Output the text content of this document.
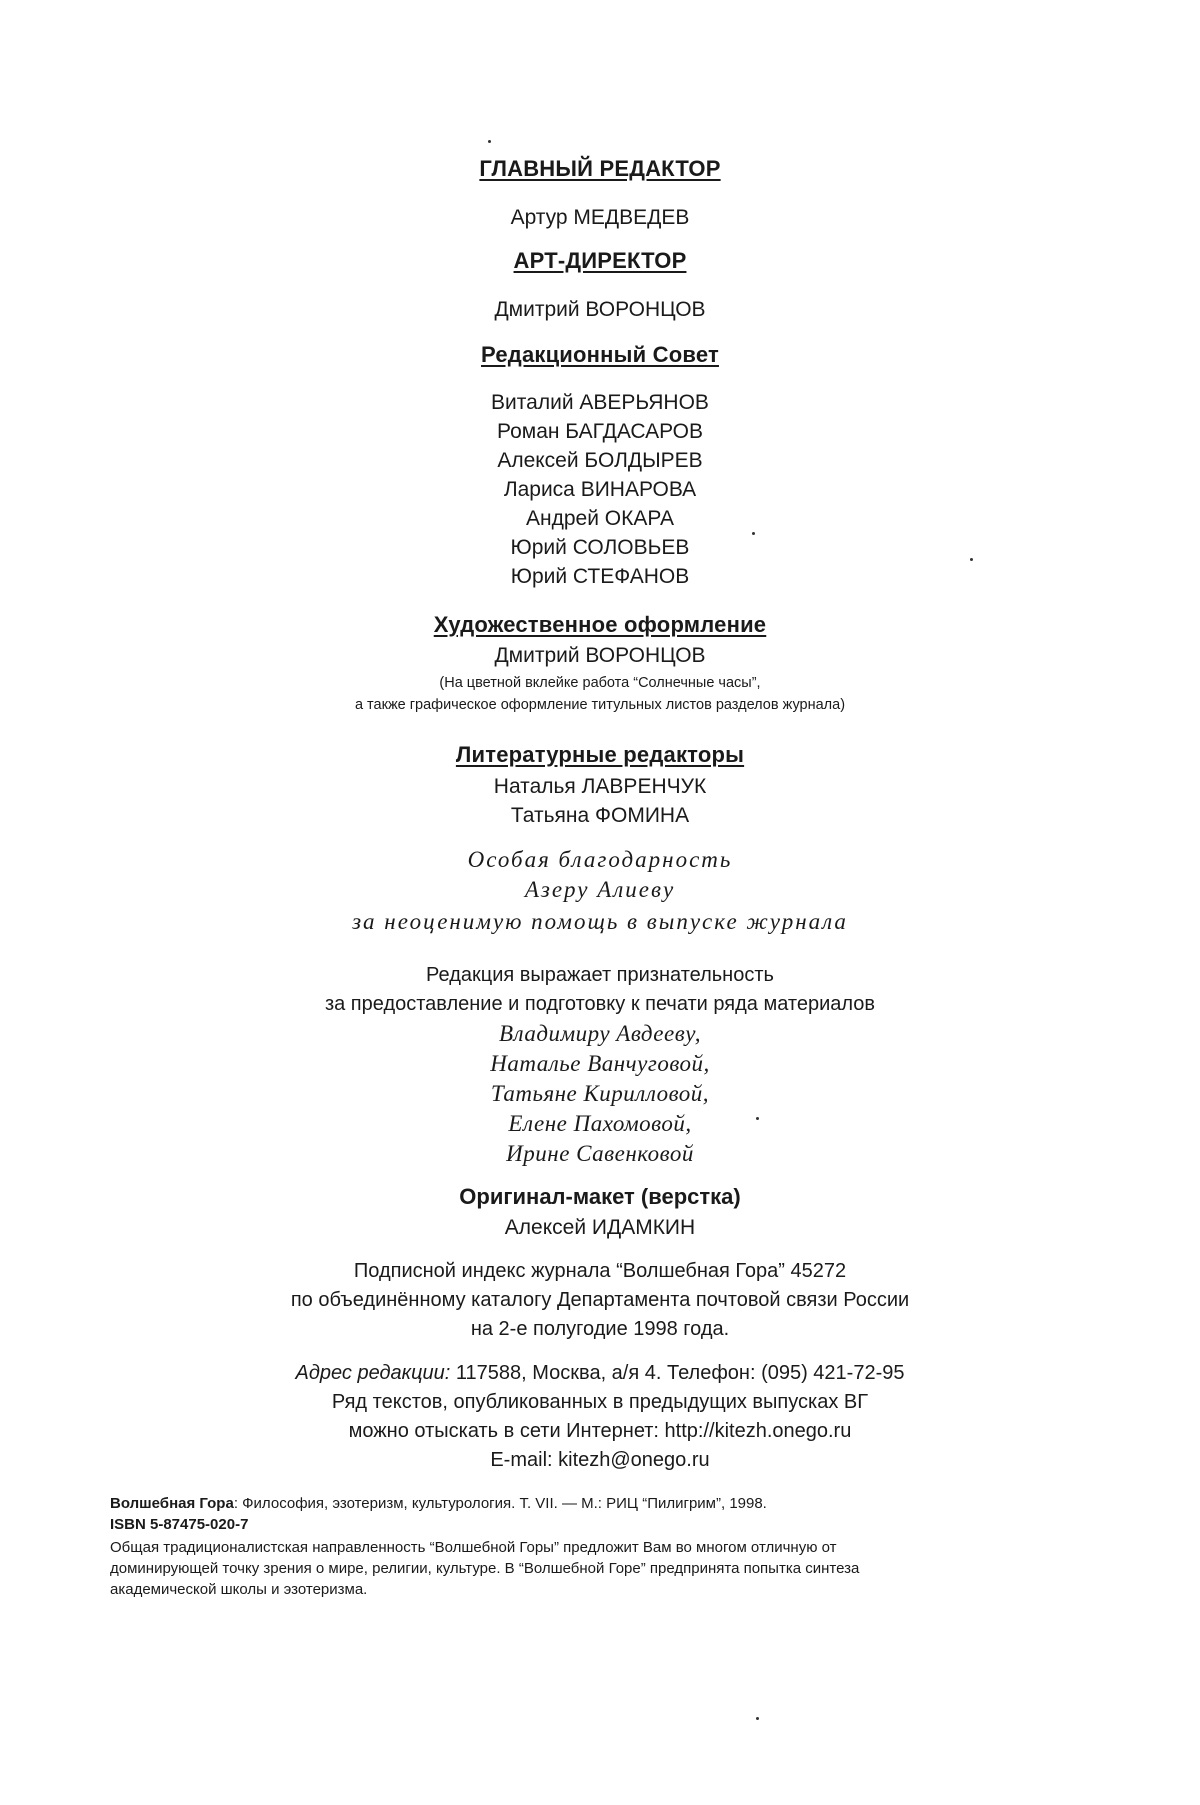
ГЛАВНЫЙ РЕДАКТОР
Артур МЕДВЕДЕВ
АРТ-ДИРЕКТОР
Дмитрий ВОРОНЦОВ
Редакционный Совет
Виталий АВЕРЬЯНОВ
Роман БАГДАСАРОВ
Алексей БОЛДЫРЕВ
Лариса ВИНАРОВА
Андрей ОКАРА
Юрий СОЛОВЬЕВ
Юрий СТЕФАНОВ
Художественное оформление
Дмитрий ВОРОНЦОВ
(На цветной вклейке работа “Солнечные часы”,
а также графическое оформление титульных листов разделов журнала)
Литературные редакторы
Наталья ЛАВРЕНЧУК
Татьяна ФОМИНА
Особая благодарность
Азеру Алиеву
за неоценимую помощь в выпуске журнала
Редакция выражает признательность
за предоставление и подготовку к печати ряда материалов
Владимиру Авдееву,
Наталье Ванчуговой,
Татьяне Кирилловой,
Елене Пахомовой,
Ирине Савенковой
Оригинал-макет (верстка)
Алексей ИДАМКИН
Подписной индекс журнала “Волшебная Гора” 45272
по объединённому каталогу Департамента почтовой связи России
на 2-е полугодие 1998 года.
Адрес редакции: 117588, Москва, а/я 4. Телефон: (095) 421-72-95
Ряд текстов, опубликованных в предыдущих выпусках ВГ
можно отыскать в сети Интернет: http://kitezh.onego.ru
E-mail: kitezh@onego.ru
Волшебная Гора: Философия, эзотеризм, культурология. Т. VII. — М.: РИЦ “Пилигрим”, 1998.
ISBN 5-87475-020-7
Общая традиционалистская направленность “Волшебной Горы” предложит Вам во многом отличную от
доминирующей точку зрения о мире, религии, культуре. В “Волшебной Горе” предпринята попытка синтеза
академической школы и эзотеризма.
